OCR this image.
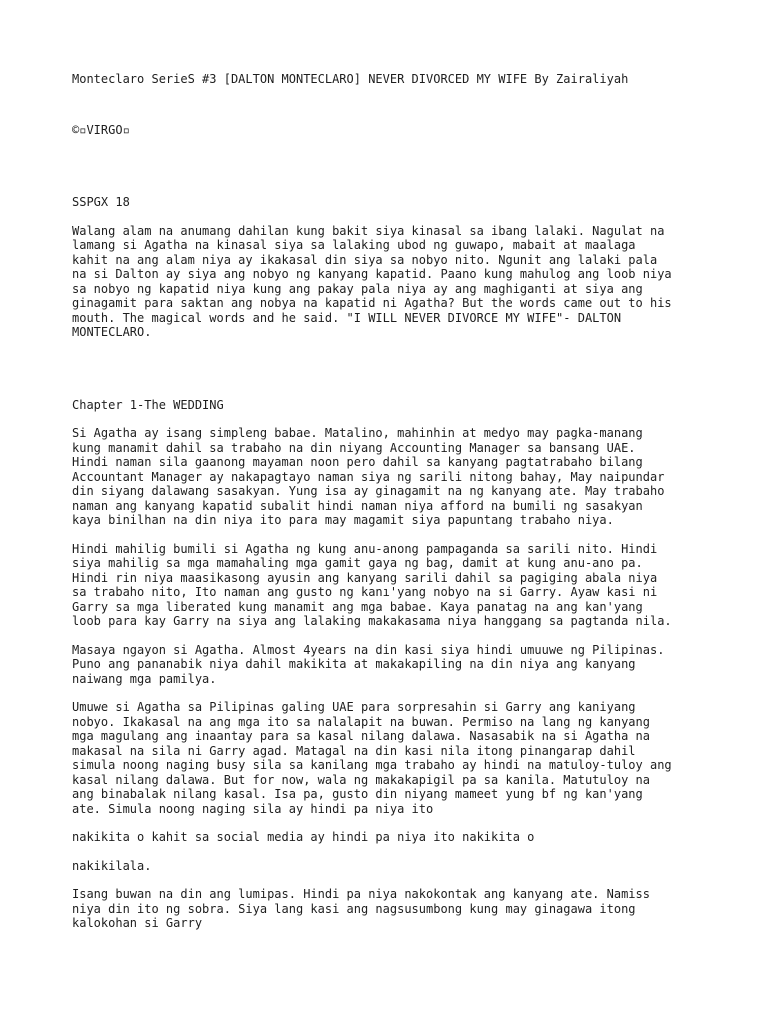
Monteclaro SerieS #3 [DALTON MONTECLARO] NEVER DIVORCED MY WIFE By Zairaliyah

©▫VIRGO▫

SSPGX 18

Walang alam na anumang dahilan kung bakit siya kinasal sa ibang lalaki. Nagulat na
lamang si Agatha na kinasal siya sa lalaking ubod ng guwapo, mabait at maalaga
kahit na ang alam niya ay ikakasal din siya sa nobyo nito. Ngunit ang lalaki pala
na si Dalton ay siya ang nobyo ng kanyang kapatid. Paano kung mahulog ang loob niya
sa nobyo ng kapatid niya kung ang pakay pala niya ay ang maghiganti at siya ang
ginagamit para saktan ang nobya na kapatid ni Agatha? But the words came out to his
mouth. The magical words and he said. "I WILL NEVER DIVORCE MY WIFE"- DALTON
MONTECLARO.

Chapter 1-The WEDDING

Si Agatha ay isang simpleng babae. Matalino, mahinhin at medyo may pagka-manang
kung manamit dahil sa trabaho na din niyang Accounting Manager sa bansang UAE.
Hindi naman sila gaanong mayaman noon pero dahil sa kanyang pagtatrabaho bilang
Accountant Manager ay nakapagtayo naman siya ng sarili nitong bahay, May naipundar
din siyang dalawang sasakyan. Yung isa ay ginagamit na ng kanyang ate. May trabaho
naman ang kanyang kapatid subalit hindi naman niya afford na bumili ng sasakyan
kaya binilhan na din niya ito para may magamit siya papuntang trabaho niya.

Hindi mahilig bumili si Agatha ng kung anu-anong pampaganda sa sarili nito. Hindi
siya mahilig sa mga mamahaling mga gamit gaya ng bag, damit at kung anu-ano pa.
Hindi rin niya maasikasong ayusin ang kanyang sarili dahil sa pagiging abala niya
sa trabaho nito, Ito naman ang gusto ng kanı'yang nobyo na si Garry. Ayaw kasi ni
Garry sa mga liberated kung manamit ang mga babae. Kaya panatag na ang kan'yang
loob para kay Garry na siya ang lalaking makakasama niya hanggang sa pagtanda nila.

Masaya ngayon si Agatha. Almost 4years na din kasi siya hindi umuuwe ng Pilipinas.
Puno ang pananabik niya dahil makikita at makakapiling na din niya ang kanyang
naiwang mga pamilya.

Umuwe si Agatha sa Pilipinas galing UAE para sorpresahin si Garry ang kaniyang
nobyo. Ikakasal na ang mga ito sa nalalapit na buwan. Permiso na lang ng kanyang
mga magulang ang inaantay para sa kasal nilang dalawa. Nasasabik na si Agatha na
makasal na sila ni Garry agad. Matagal na din kasi nila itong pinangarap dahil
simula noong naging busy sila sa kanilang mga trabaho ay hindi na matuloy-tuloy ang
kasal nilang dalawa. But for now, wala ng makakapigil pa sa kanila. Matutuloy na
ang binabalak nilang kasal. Isa pa, gusto din niyang mameet yung bf ng kan'yang
ate. Simula noong naging sila ay hindi pa niya ito

nakikita o kahit sa social media ay hindi pa niya ito nakikita o

nakikilala.

Isang buwan na din ang lumipas. Hindi pa niya nakokontak ang kanyang ate. Namiss
niya din ito ng sobra. Siya lang kasi ang nagsusumbong kung may ginagawa itong
kalokohan si Garry
